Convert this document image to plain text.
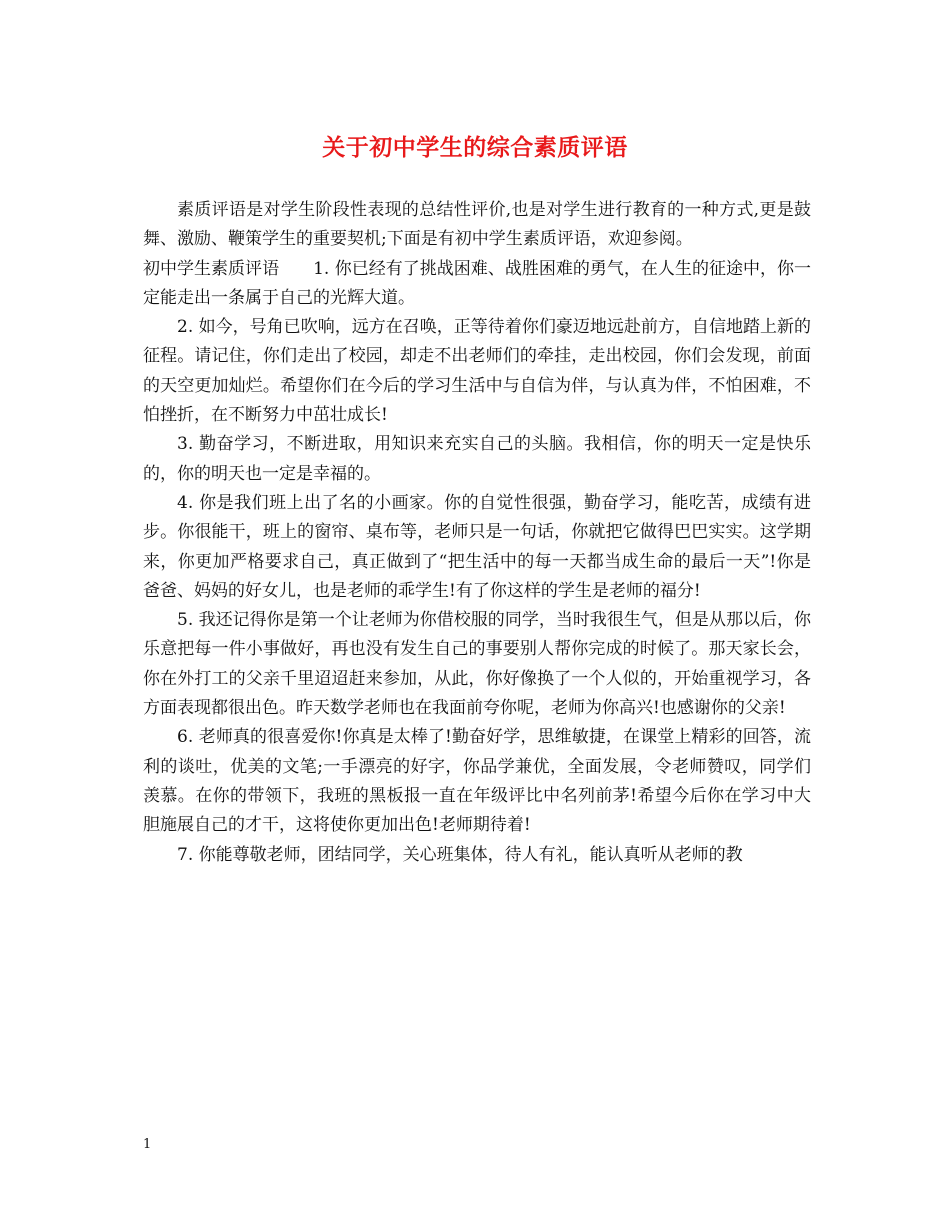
关于初中学生的综合素质评语

素质评语是对学生阶段性表现的总结性评价,也是对学生进行教育的一种方式,更是鼓舞、激励、鞭策学生的重要契机;下面是有初中学生素质评语，欢迎参阅。

初中学生素质评语　　1. 你已经有了挑战困难、战胜困难的勇气，在人生的征途中，你一定能走出一条属于自己的光辉大道。

2. 如今，号角已吹响，远方在召唤，正等待着你们豪迈地远赴前方，自信地踏上新的征程。请记住，你们走出了校园，却走不出老师们的牵挂，走出校园，你们会发现，前面的天空更加灿烂。希望你们在今后的学习生活中与自信为伴，与认真为伴，不怕困难，不怕挫折，在不断努力中茁壮成长!

3. 勤奋学习，不断进取，用知识来充实自己的头脑。我相信，你的明天一定是快乐的，你的明天也一定是幸福的。

4. 你是我们班上出了名的小画家。你的自觉性很强，勤奋学习，能吃苦，成绩有进步。你很能干，班上的窗帘、桌布等，老师只是一句话，你就把它做得巴巴实实。这学期来，你更加严格要求自己，真正做到了“把生活中的每一天都当成生命的最后一天”!你是爸爸、妈妈的好女儿，也是老师的乖学生!有了你这样的学生是老师的福分!

5. 我还记得你是第一个让老师为你借校服的同学，当时我很生气，但是从那以后，你乐意把每一件小事做好，再也没有发生自己的事要别人帮你完成的时候了。那天家长会，你在外打工的父亲千里迢迢赶来参加，从此，你好像换了一个人似的，开始重视学习，各方面表现都很出色。昨天数学老师也在我面前夸你呢，老师为你高兴!也感谢你的父亲!

6. 老师真的很喜爱你!你真是太棒了!勤奋好学，思维敏捷，在课堂上精彩的回答，流利的谈吐，优美的文笔;一手漂亮的好字，你品学兼优，全面发展，令老师赞叹，同学们羡慕。在你的带领下，我班的黑板报一直在年级评比中名列前茅!希望今后你在学习中大胆施展自己的才干，这将使你更加出色!老师期待着!

7. 你能尊敬老师，团结同学，关心班集体，待人有礼，能认真听从老师的教

1
